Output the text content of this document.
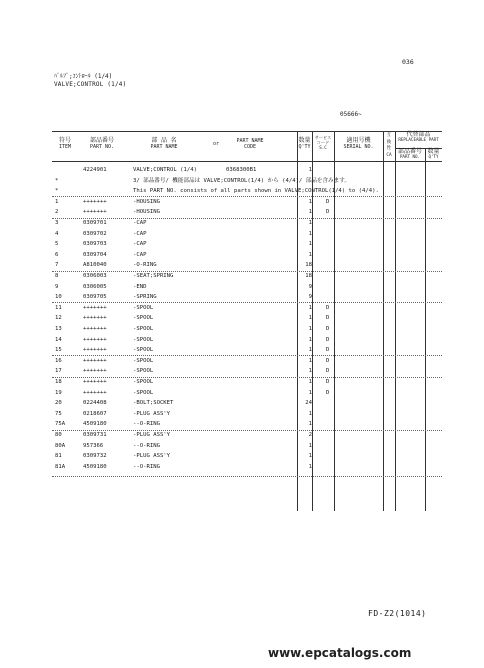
036
ﾊﾞﾙﾌﾞ;ｺﾝﾄﾛｰﾙ (1/4)
VALVE;CONTROL (1/4)
05666~
符号
ITEM
部品番号
PART NO.
部 品 名
PART NAME	or	PART NAME
CODE
数量
Q'TY
サービス コード
S.C
適用号機
SERIAL NO.
互換性
CA
代替部品
REPLACEABLE PART
部品番号
PART NO.
数量
Q'TY
4224901	VALVE;CONTROL (1/4)	0368300B1	1
*	3/ 部品番号/ 機能部品は VALVE;CONTROL(1/4) から (4/4)/ 部品を含みます。
*	This PART NO. consists of all parts shown in VALVE;CONTROL(1/4) to (4/4).
1	+++++++	-HOUSING	1	D
2	+++++++	-HOUSING	1	D
3	0309701	-CAP	1
4	0309702	-CAP	1
5	0309703	-CAP	1
6	0309704	-CAP	1
7	A810040	-O-RING	18
8	0306003	-SEAT;SPRING	18
9	0306005	-END	9
10	0309705	-SPRING	9
11	+++++++	-SPOOL	1	D
12	+++++++	-SPOOL	1	D
13	+++++++	-SPOOL	1	D
14	+++++++	-SPOOL	1	D
15	+++++++	-SPOOL	1	D
16	+++++++	-SPOOL	1	D
17	+++++++	-SPOOL	1	D
18	+++++++	-SPOOL	1	D
19	+++++++	-SPOOL	1	D
20	0224408	-BOLT;SOCKET	24
75	0218607	-PLUG ASS'Y	1
75A	4509180	--O-RING	1
80	0309731	-PLUG ASS'Y	2
80A	957366	--O-RING	1
81	0309732	-PLUG ASS'Y	1
81A	4509180	--O-RING	1
FD-Z2(1014)
www.epcatalogs.com
